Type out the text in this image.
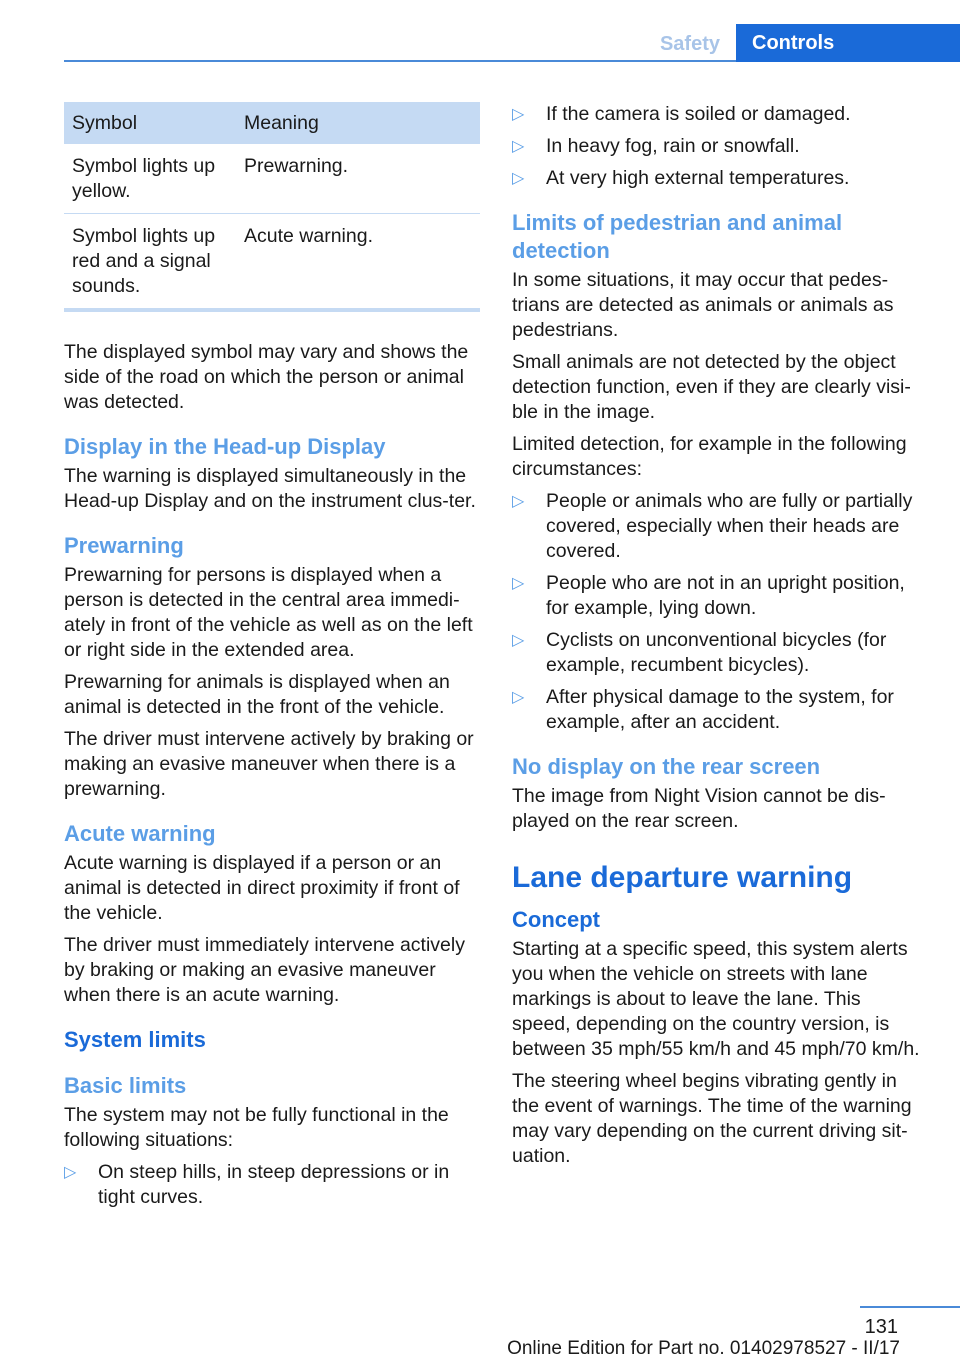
Safety	Controls
Symbol	Meaning
Symbol lights up yellow.	Prewarning.
Symbol lights up red and a signal sounds.	Acute warning.

The displayed symbol may vary and shows the side of the road on which the person or animal was detected.

Display in the Head-up Display

The warning is displayed simultaneously in the Head-up Display and on the instrument clus-ter.

Prewarning

Prewarning for persons is displayed when a person is detected in the central area immedi-ately in front of the vehicle as well as on the left or right side in the extended area.

Prewarning for animals is displayed when an animal is detected in the front of the vehicle.

The driver must intervene actively by braking or making an evasive maneuver when there is a prewarning.

Acute warning

Acute warning is displayed if a person or an animal is detected in direct proximity if front of the vehicle.

The driver must immediately intervene actively by braking or making an evasive maneuver when there is an acute warning.

System limits
Basic limits

The system may not be fully functional in the following situations:

▷ On steep hills, in steep depressions or in tight curves.
▷ If the camera is soiled or damaged.
▷ In heavy fog, rain or snowfall.
▷ At very high external temperatures.
Limits of pedestrian and animal detection

In some situations, it may occur that pedes-trians are detected as animals or animals as pedestrians.

Small animals are not detected by the object detection function, even if they are clearly visi-ble in the image.

Limited detection, for example in the following circumstances:

▷ People or animals who are fully or partially covered, especially when their heads are covered.
▷ People who are not in an upright position, for example, lying down.
▷ Cyclists on unconventional bicycles (for example, recumbent bicycles).
▷ After physical damage to the system, for example, after an accident.
No display on the rear screen

The image from Night Vision cannot be dis-played on the rear screen.

Lane departure warning
Concept

Starting at a specific speed, this system alerts you when the vehicle on streets with lane markings is about to leave the lane. This speed, depending on the country version, is between 35 mph/55 km/h and 45 mph/70 km/h.

The steering wheel begins vibrating gently in the event of warnings. The time of the warning may vary depending on the current driving sit-uation.

131
Online Edition for Part no. 01402978527 - II/17
